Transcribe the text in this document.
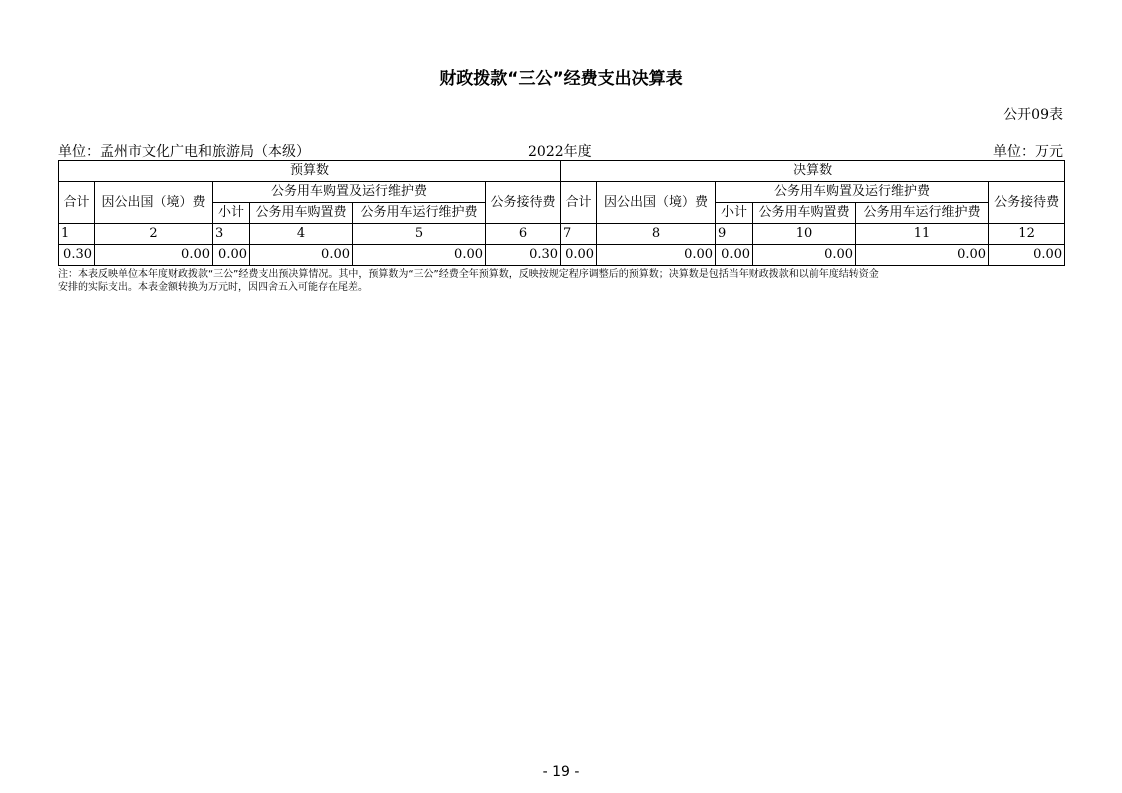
财政拨款“三公”经费支出决算表
公开09表
单位：孟州市文化广电和旅游局（本级）	2022年度	单位：万元
预算数						决算数					
合计	因公出国（境）费	公务用车购置及运行维护费			公务接待费	合计	因公出国（境）费	公务用车购置及运行维护费			公务接待费
		小计	公务用车购置费	公务用车运行维护费				小计	公务用车购置费	公务用车运行维护费	
1	2	3	4	5	6	7	8	9	10	11	12
0.30	0.00	0.00	0.00	0.00	0.30	0.00	0.00	0.00	0.00	0.00	0.00
注：本表反映单位本年度财政拨款“三公”经费支出预决算情况。其中，预算数为“三公”经费全年预算数，反映按规定程序调整后的预算数；决算数是包括当年财政拨款和以前年度结转资金
安排的实际支出。本表金额转换为万元时，因四舍五入可能存在尾差。
- 19 -
